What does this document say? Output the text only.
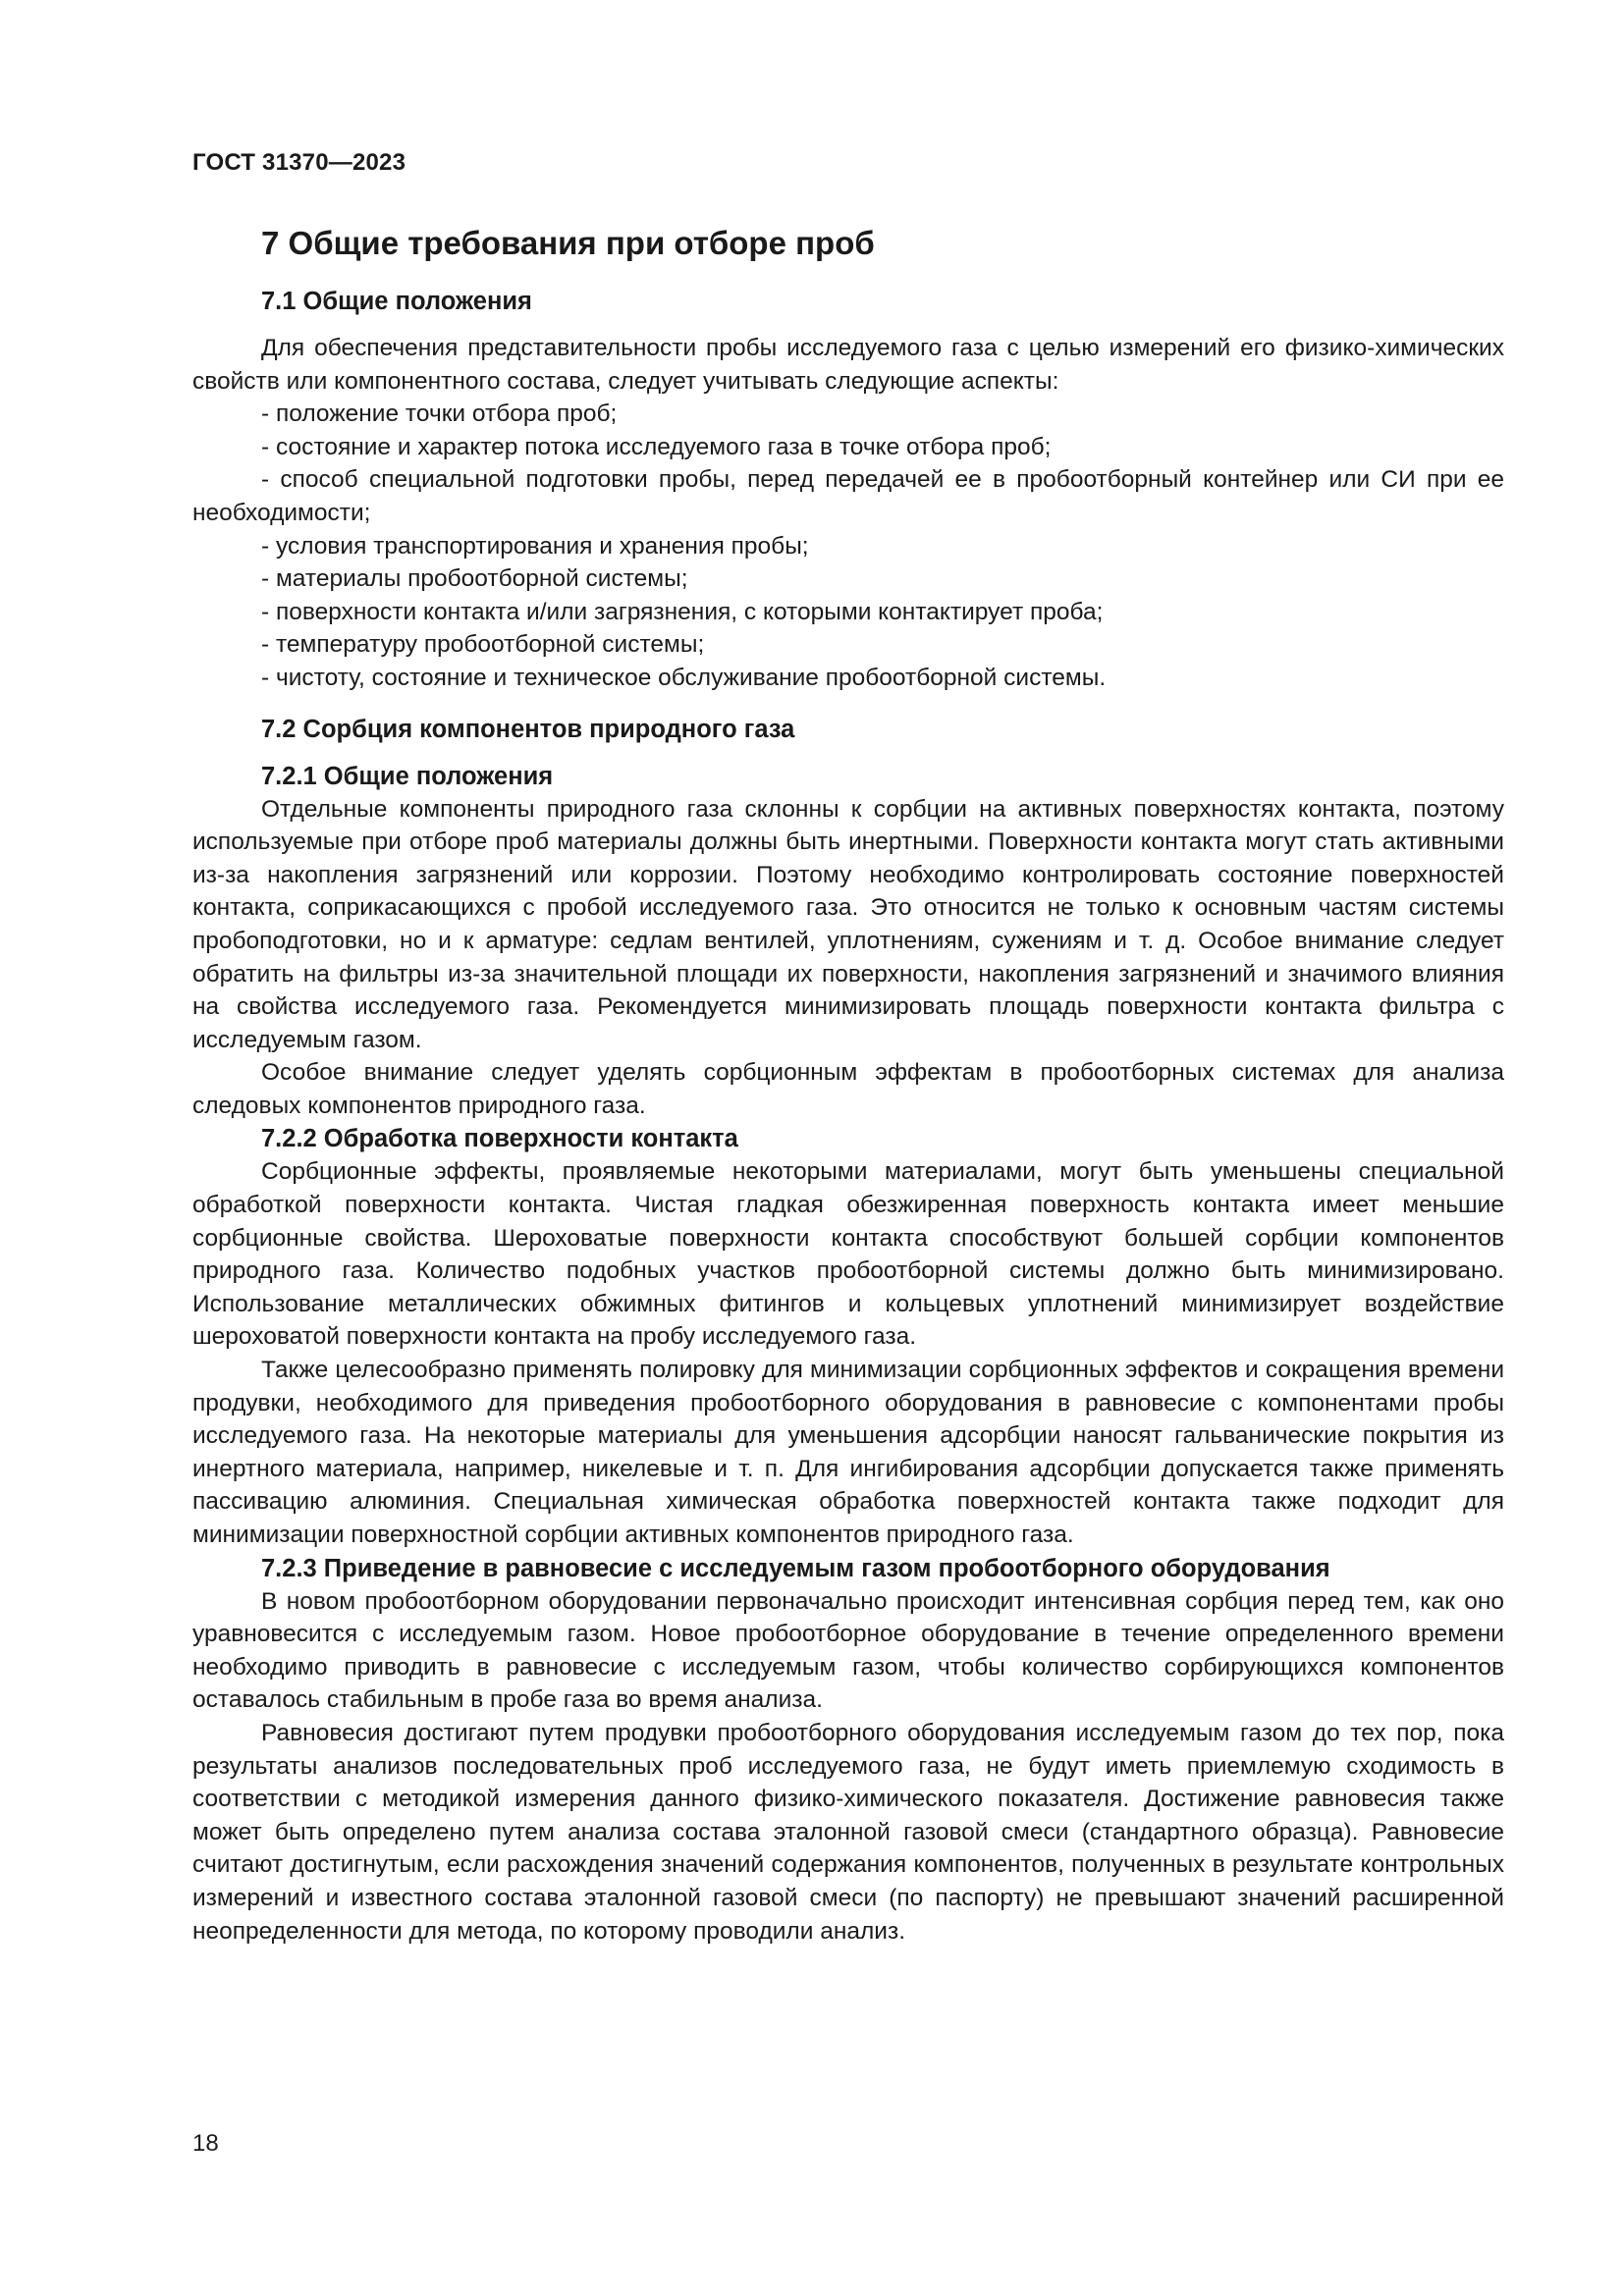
ГОСТ 31370—2023
7 Общие требования при отборе проб
7.1 Общие положения

Для обеспечения представительности пробы исследуемого газа с целью измерений его физико-химических свойств или компонентного состава, следует учитывать следующие аспекты:

- положение точки отбора проб;
- состояние и характер потока исследуемого газа в точке отбора проб;
- способ специальной подготовки пробы, перед передачей ее в пробоотборный контейнер или СИ при ее необходимости;
- условия транспортирования и хранения пробы;
- материалы пробоотборной системы;
- поверхности контакта и/или загрязнения, с которыми контактирует проба;
- температуру пробоотборной системы;
- чистоту, состояние и техническое обслуживание пробоотборной системы.
7.2 Сорбция компонентов природного газа
7.2.1 Общие положения

Отдельные компоненты природного газа склонны к сорбции на активных поверхностях контакта, поэтому используемые при отборе проб материалы должны быть инертными. Поверхности контакта могут стать активными из-за накопления загрязнений или коррозии. Поэтому необходимо контролировать состояние поверхностей контакта, соприкасающихся с пробой исследуемого газа. Это относится не только к основным частям системы пробоподготовки, но и к арматуре: седлам вентилей, уплотнениям, сужениям и т. д. Особое внимание следует обратить на фильтры из-за значительной площади их поверхности, накопления загрязнений и значимого влияния на свойства исследуемого газа. Рекомендуется минимизировать площадь поверхности контакта фильтра с исследуемым газом.

Особое внимание следует уделять сорбционным эффектам в пробоотборных системах для анализа следовых компонентов природного газа.

7.2.2 Обработка поверхности контакта

Сорбционные эффекты, проявляемые некоторыми материалами, могут быть уменьшены специальной обработкой поверхности контакта. Чистая гладкая обезжиренная поверхность контакта имеет меньшие сорбционные свойства. Шероховатые поверхности контакта способствуют большей сорбции компонентов природного газа. Количество подобных участков пробоотборной системы должно быть минимизировано. Использование металлических обжимных фитингов и кольцевых уплотнений минимизирует воздействие шероховатой поверхности контакта на пробу исследуемого газа.

Также целесообразно применять полировку для минимизации сорбционных эффектов и сокращения времени продувки, необходимого для приведения пробоотборного оборудования в равновесие с компонентами пробы исследуемого газа. На некоторые материалы для уменьшения адсорбции наносят гальванические покрытия из инертного материала, например, никелевые и т. п. Для ингибирования адсорбции допускается также применять пассивацию алюминия. Специальная химическая обработка поверхностей контакта также подходит для минимизации поверхностной сорбции активных компонентов природного газа.

7.2.3 Приведение в равновесие с исследуемым газом пробоотборного оборудования

В новом пробоотборном оборудовании первоначально происходит интенсивная сорбция перед тем, как оно уравновесится с исследуемым газом. Новое пробоотборное оборудование в течение определенного времени необходимо приводить в равновесие с исследуемым газом, чтобы количество сорбирующихся компонентов оставалось стабильным в пробе газа во время анализа.

Равновесия достигают путем продувки пробоотборного оборудования исследуемым газом до тех пор, пока результаты анализов последовательных проб исследуемого газа, не будут иметь приемлемую сходимость в соответствии с методикой измерения данного физико-химического показателя. Достижение равновесия также может быть определено путем анализа состава эталонной газовой смеси (стандартного образца). Равновесие считают достигнутым, если расхождения значений содержания компонентов, полученных в результате контрольных измерений и известного состава эталонной газовой смеси (по паспорту) не превышают значений расширенной неопределенности для метода, по которому проводили анализ.

18
